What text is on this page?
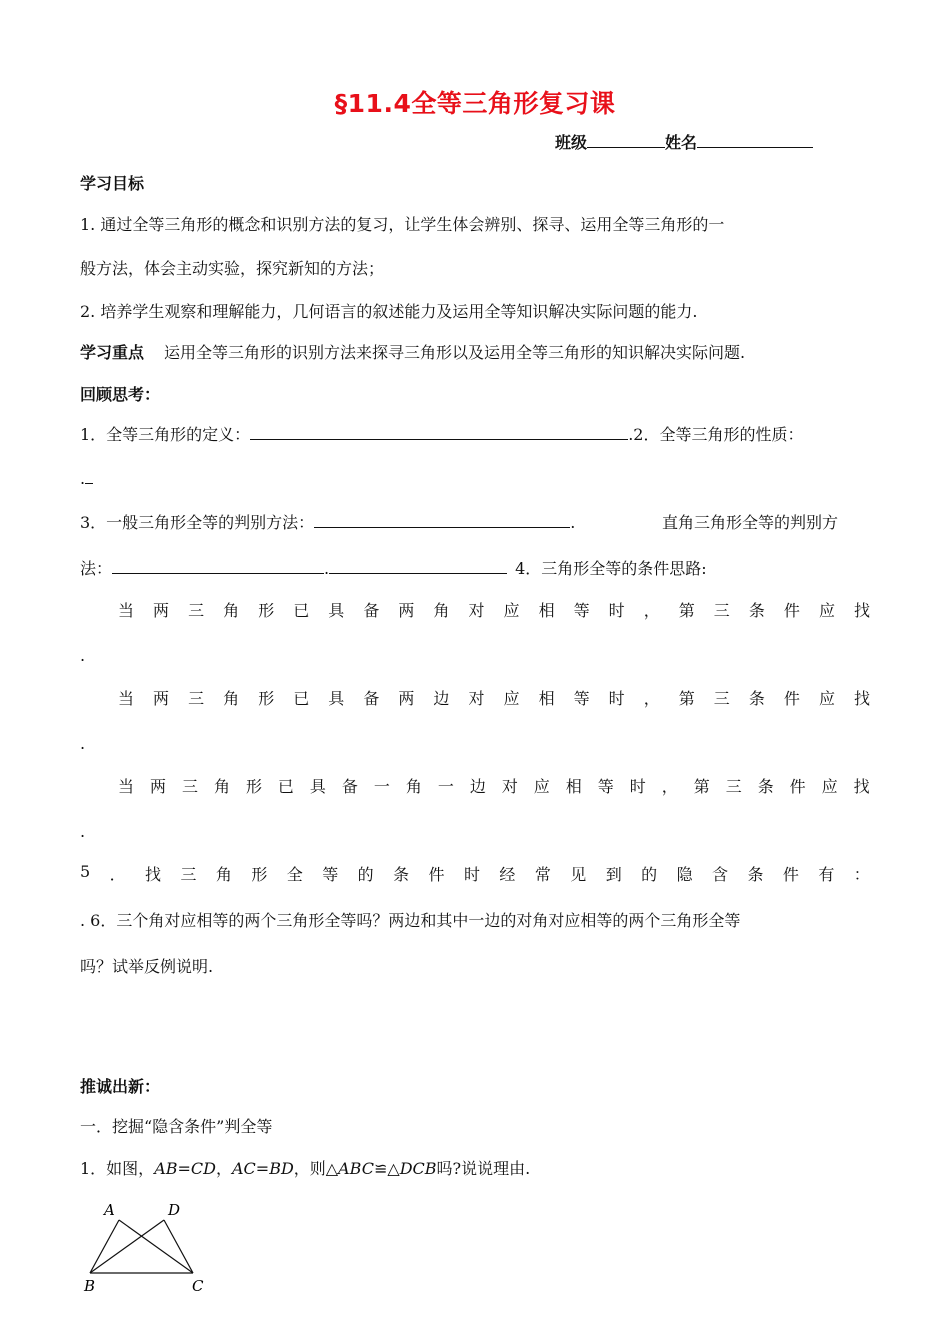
§11.4全等三角形复习课
班级	姓名
学习目标
1. 通过全等三角形的概念和识别方法的复习，让学生体会辨别、探寻、运用全等三角形的一
般方法，体会主动实验，探究新知的方法；
2. 培养学生观察和理解能力，几何语言的叙述能力及运用全等知识解决实际问题的能力.
学习重点 运用全等三角形的识别方法来探寻三角形以及运用全等三角形的知识解决实际问题.
回顾思考：
1．全等三角形的定义：	.2．全等三角形的性质：
.
3．一般三角形全等的判别方法：	.	直角三角形全等的判别方
法：	.	4．三角形全等的条件思路:
当 两 三 角 形 已 具 备 两 角 对 应 相 等 时 ， 第 三 条 件 应 找
.
当 两 三 角 形 已 具 备 两 边 对 应 相 等 时 ， 第 三 条 件 应 找
.
当 两 三 角 形 已 具 备 一 角 一 边 对 应 相 等 时 ， 第 三 条 件 应 找
.
5 ． 找 三 角 形 全 等 的 条 件 时 经 常 见 到 的 隐 含 条 件 有 ：
. 6．三个角对应相等的两个三角形全等吗？两边和其中一边的对角对应相等的两个三角形全等
吗？试举反例说明.
推诚出新：
一．挖掘“隐含条件”判全等
1．如图，AB=CD，AC=BD，则△ABC≌△DCB吗?说说理由.
A	D
B	C
